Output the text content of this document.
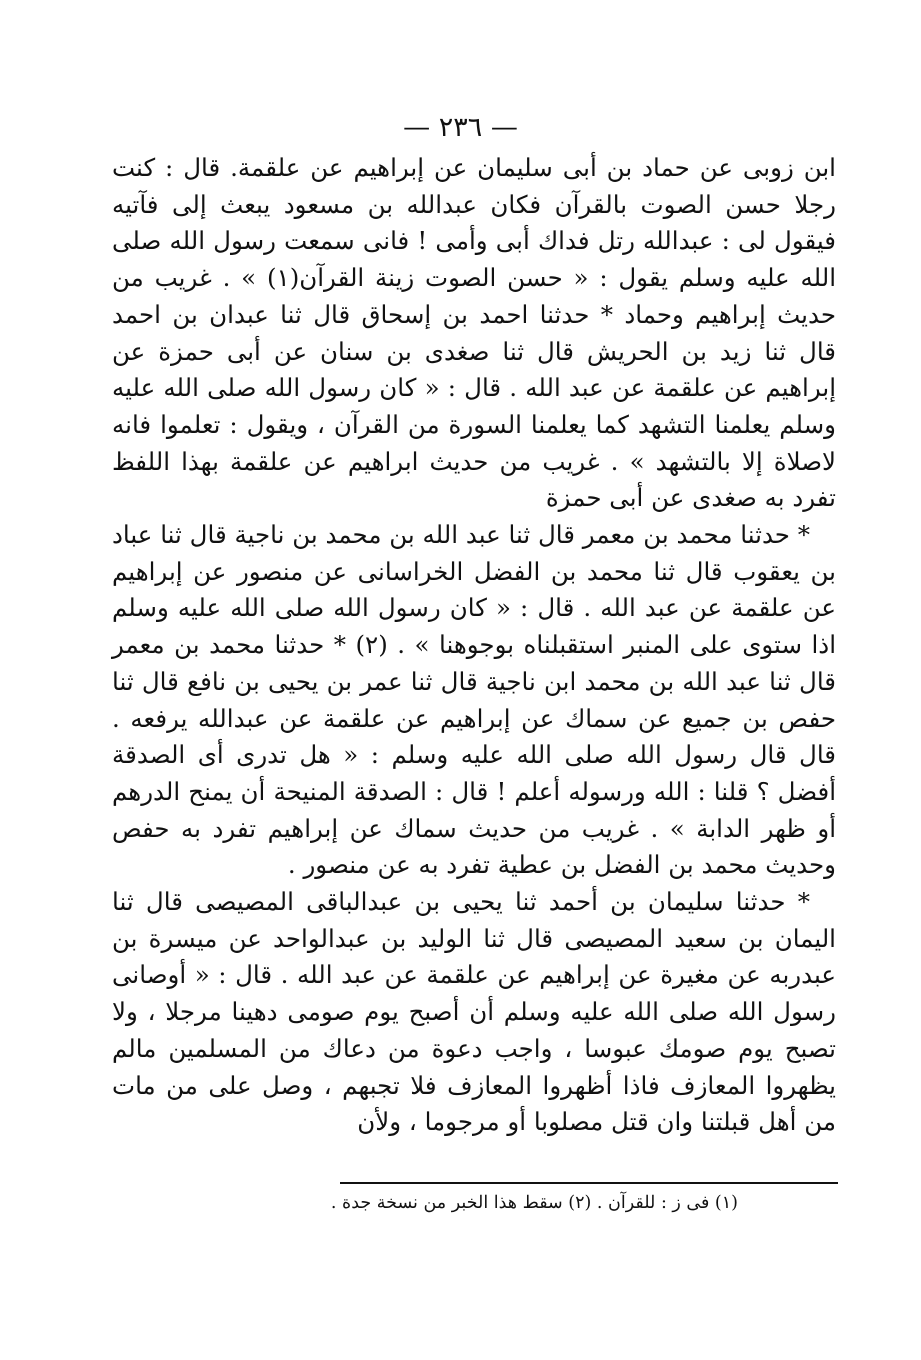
— ٢٣٦ —

ابن زوبى عن حماد بن أبى سليمان عن إبراهيم عن علقمة. قال : كنت رجلا حسن الصوت بالقرآن فكان عبدالله بن مسعود يبعث إلى فآتيه فيقول لى : عبدالله رتل فداك أبى وأمى ! فانى سمعت رسول الله صلى الله عليه وسلم يقول : « حسن الصوت زينة القرآن(١) » . غريب من حديث إبراهيم وحماد * حدثنا احمد بن إسحاق قال ثنا عبدان بن احمد قال ثنا زيد بن الحريش قال ثنا صغدى بن سنان عن أبى حمزة عن إبراهيم عن علقمة عن عبد الله . قال : « كان رسول الله صلى الله عليه وسلم يعلمنا التشهد كما يعلمنا السورة من القرآن ، ويقول : تعلموا فانه لاصلاة إلا بالتشهد » . غريب من حديث ابراهيم عن علقمة بهذا اللفظ تفرد به صغدى عن أبى حمزة

* حدثنا محمد بن معمر قال ثنا عبد الله بن محمد بن ناجية قال ثنا عباد بن يعقوب قال ثنا محمد بن الفضل الخراسانى عن منصور عن إبراهيم عن علقمة عن عبد الله . قال : « كان رسول الله صلى الله عليه وسلم اذا ستوى على المنبر استقبلناه بوجوهنا » . (٢) * حدثنا محمد بن معمر قال ثنا عبد الله بن محمد ابن ناجية قال ثنا عمر بن يحيى بن نافع قال ثنا حفص بن جميع عن سماك عن إبراهيم عن علقمة عن عبدالله يرفعه . قال قال رسول الله صلى الله عليه وسلم : « هل تدرى أى الصدقة أفضل ؟ قلنا : الله ورسوله أعلم ! قال : الصدقة المنيحة أن يمنح الدرهم أو ظهر الدابة » . غريب من حديث سماك عن إبراهيم تفرد به حفص وحديث محمد بن الفضل بن عطية تفرد به عن منصور .

* حدثنا سليمان بن أحمد ثنا يحيى بن عبدالباقى المصيصى قال ثنا اليمان بن سعيد المصيصى قال ثنا الوليد بن عبدالواحد عن ميسرة بن عبدربه عن مغيرة عن إبراهيم عن علقمة عن عبد الله . قال : « أوصانى رسول الله صلى الله عليه وسلم أن أصبح يوم صومى دهينا مرجلا ، ولا تصبح يوم صومك عبوسا ، واجب دعوة من دعاك من المسلمين مالم يظهروا المعازف فاذا أظهروا المعازف فلا تجبهم ، وصل على من مات من أهل قبلتنا وان قتل مصلوبا أو مرجوما ، ولأن

(١) فى ز : للقرآن . (٢) سقط هذا الخبر من نسخة جدة .
